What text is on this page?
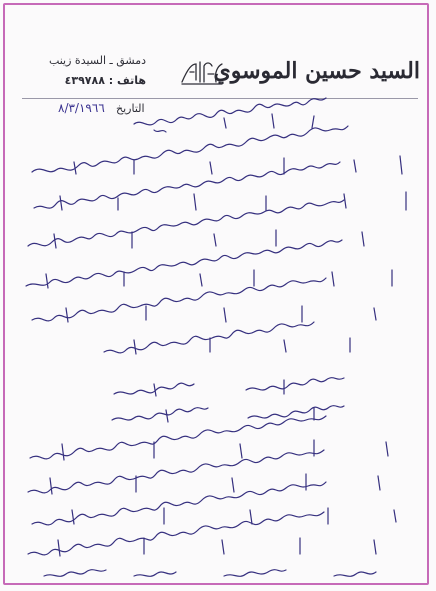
السيد حسين الموسوي
دمشق ـ السيدة زينب
هاتف : ٤٣٩٧٨٨
التاريخ
٨/٣/١٩٦٦
